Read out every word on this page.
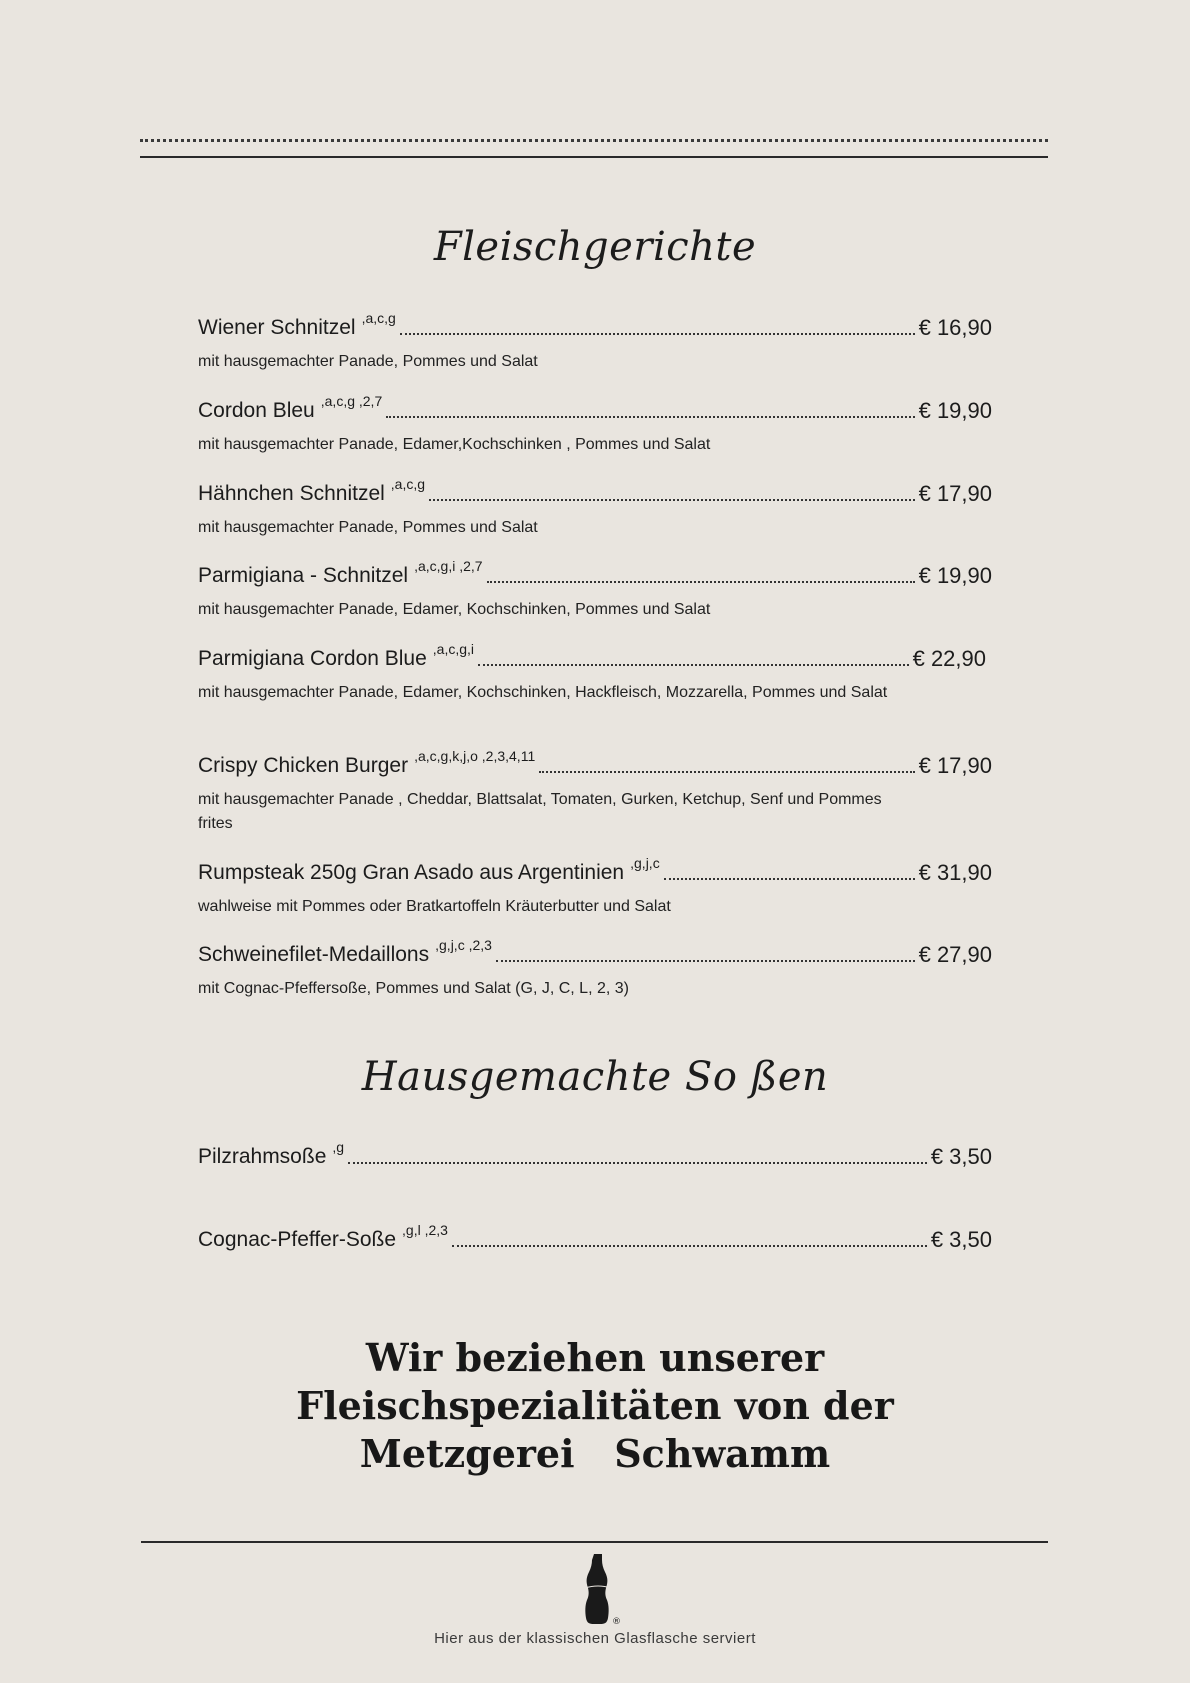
Fleischgerichte
Wiener Schnitzel ,a,c,g	€ 16,90
mit hausgemachter Panade, Pommes und Salat
Cordon Bleu ,a,c,g ,2,7	€ 19,90
mit hausgemachter Panade, Edamer,Kochschinken , Pommes und Salat
Hähnchen Schnitzel ,a,c,g	€ 17,90
mit hausgemachter Panade, Pommes und Salat
Parmigiana - Schnitzel ,a,c,g,i ,2,7	€ 19,90
mit hausgemachter Panade, Edamer, Kochschinken, Pommes und Salat
Parmigiana Cordon Blue ,a,c,g,i	€ 22,90
mit hausgemachter Panade, Edamer, Kochschinken, Hackfleisch, Mozzarella, Pommes und Salat
Crispy Chicken Burger ,a,c,g,k,j,o ,2,3,4,11	€ 17,90
mit hausgemachter Panade , Cheddar, Blattsalat, Tomaten, Gurken, Ketchup, Senf und Pommes frites
Rumpsteak 250g Gran Asado aus Argentinien ,g,j,c	€ 31,90
wahlweise mit Pommes oder Bratkartoffeln Kräuterbutter und Salat
Schweinefilet-Medaillons ,g,j,c ,2,3	€ 27,90
mit Cognac-Pfeffersoße, Pommes und Salat (G, J, C, L, 2, 3)
Hausgemachte So ßen
Pilzrahmsoße ,g	€ 3,50
Cognac-Pfeffer-Soße ,g,l ,2,3	€ 3,50
Wir beziehen unserer
Fleischspezialitäten von der
Metzgerei   Schwamm
®
Hier aus der klassischen Glasflasche serviert
